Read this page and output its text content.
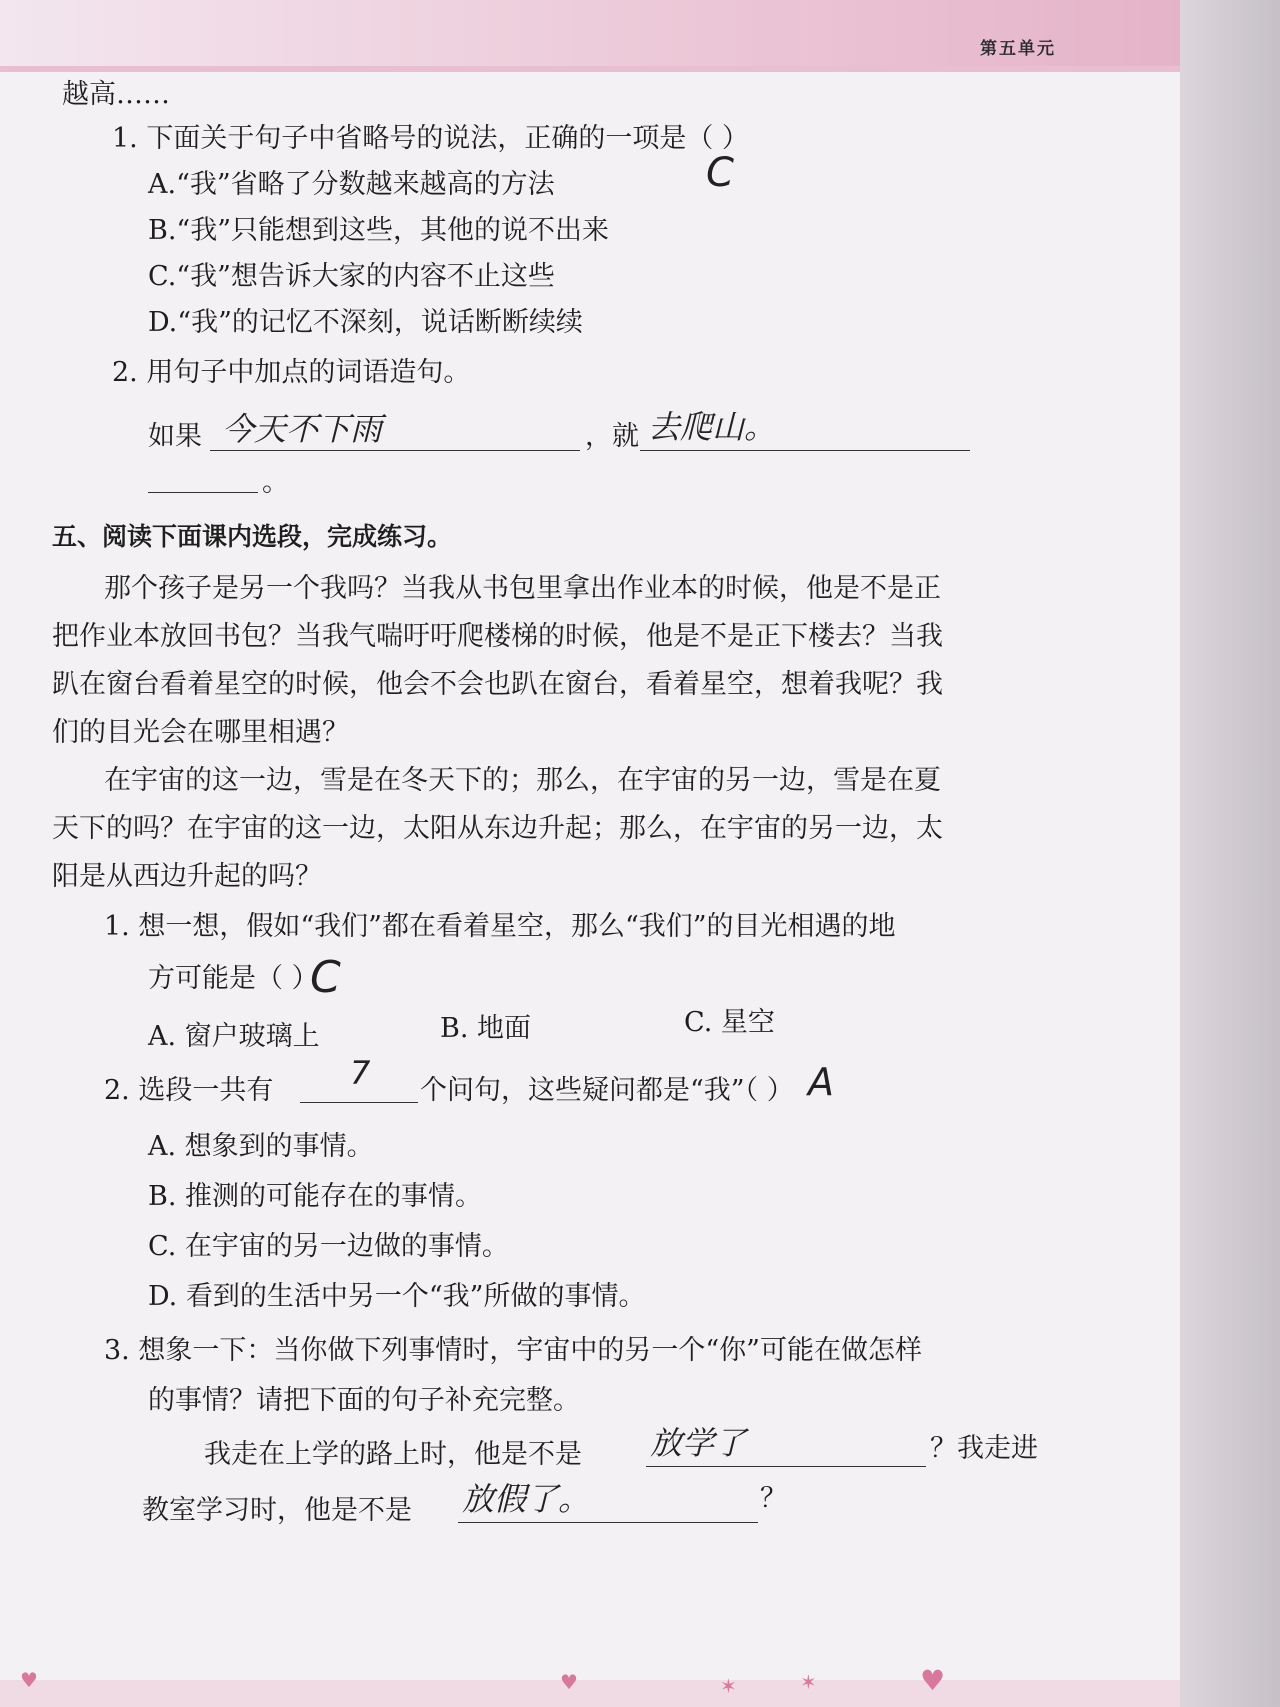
第五单元
越高……
1. 下面关于句子中省略号的说法，正确的一项是（ ）
C
A.“我”省略了分数越来越高的方法
B.“我”只能想到这些，其他的说不出来
C.“我”想告诉大家的内容不止这些
D.“我”的记忆不深刻，说话断断续续
2. 用句子中加点的词语造句。
如果 今天不下雨	，就 去爬山。
。
五、阅读下面课内选段，完成练习。
那个孩子是另一个我吗？当我从书包里拿出作业本的时候，他是不是正
把作业本放回书包？当我气喘吁吁爬楼梯的时候，他是不是正下楼去？当我
趴在窗台看着星空的时候，他会不会也趴在窗台，看着星空，想着我呢？我
们的目光会在哪里相遇？
在宇宙的这一边，雪是在冬天下的；那么，在宇宙的另一边，雪是在夏
天下的吗？在宇宙的这一边，太阳从东边升起；那么，在宇宙的另一边，太
阳是从西边升起的吗？
1. 想一想，假如“我们”都在看着星空，那么“我们”的目光相遇的地
方可能是（ ）
C
A. 窗户玻璃上	B. 地面	C. 星空
2. 选段一共有 7 个问句，这些疑问都是“我”（ ） A
A. 想象到的事情。
B. 推测的可能存在的事情。
C. 在宇宙的另一边做的事情。
D. 看到的生活中另一个“我”所做的事情。
3. 想象一下：当你做下列事情时，宇宙中的另一个“你”可能在做怎样
的事情？请把下面的句子补充完整。
我走在上学的路上时，他是不是 放学了	？我走进
教室学习时，他是不是 放假了。	？
♥	♥	✶	✶	♥
